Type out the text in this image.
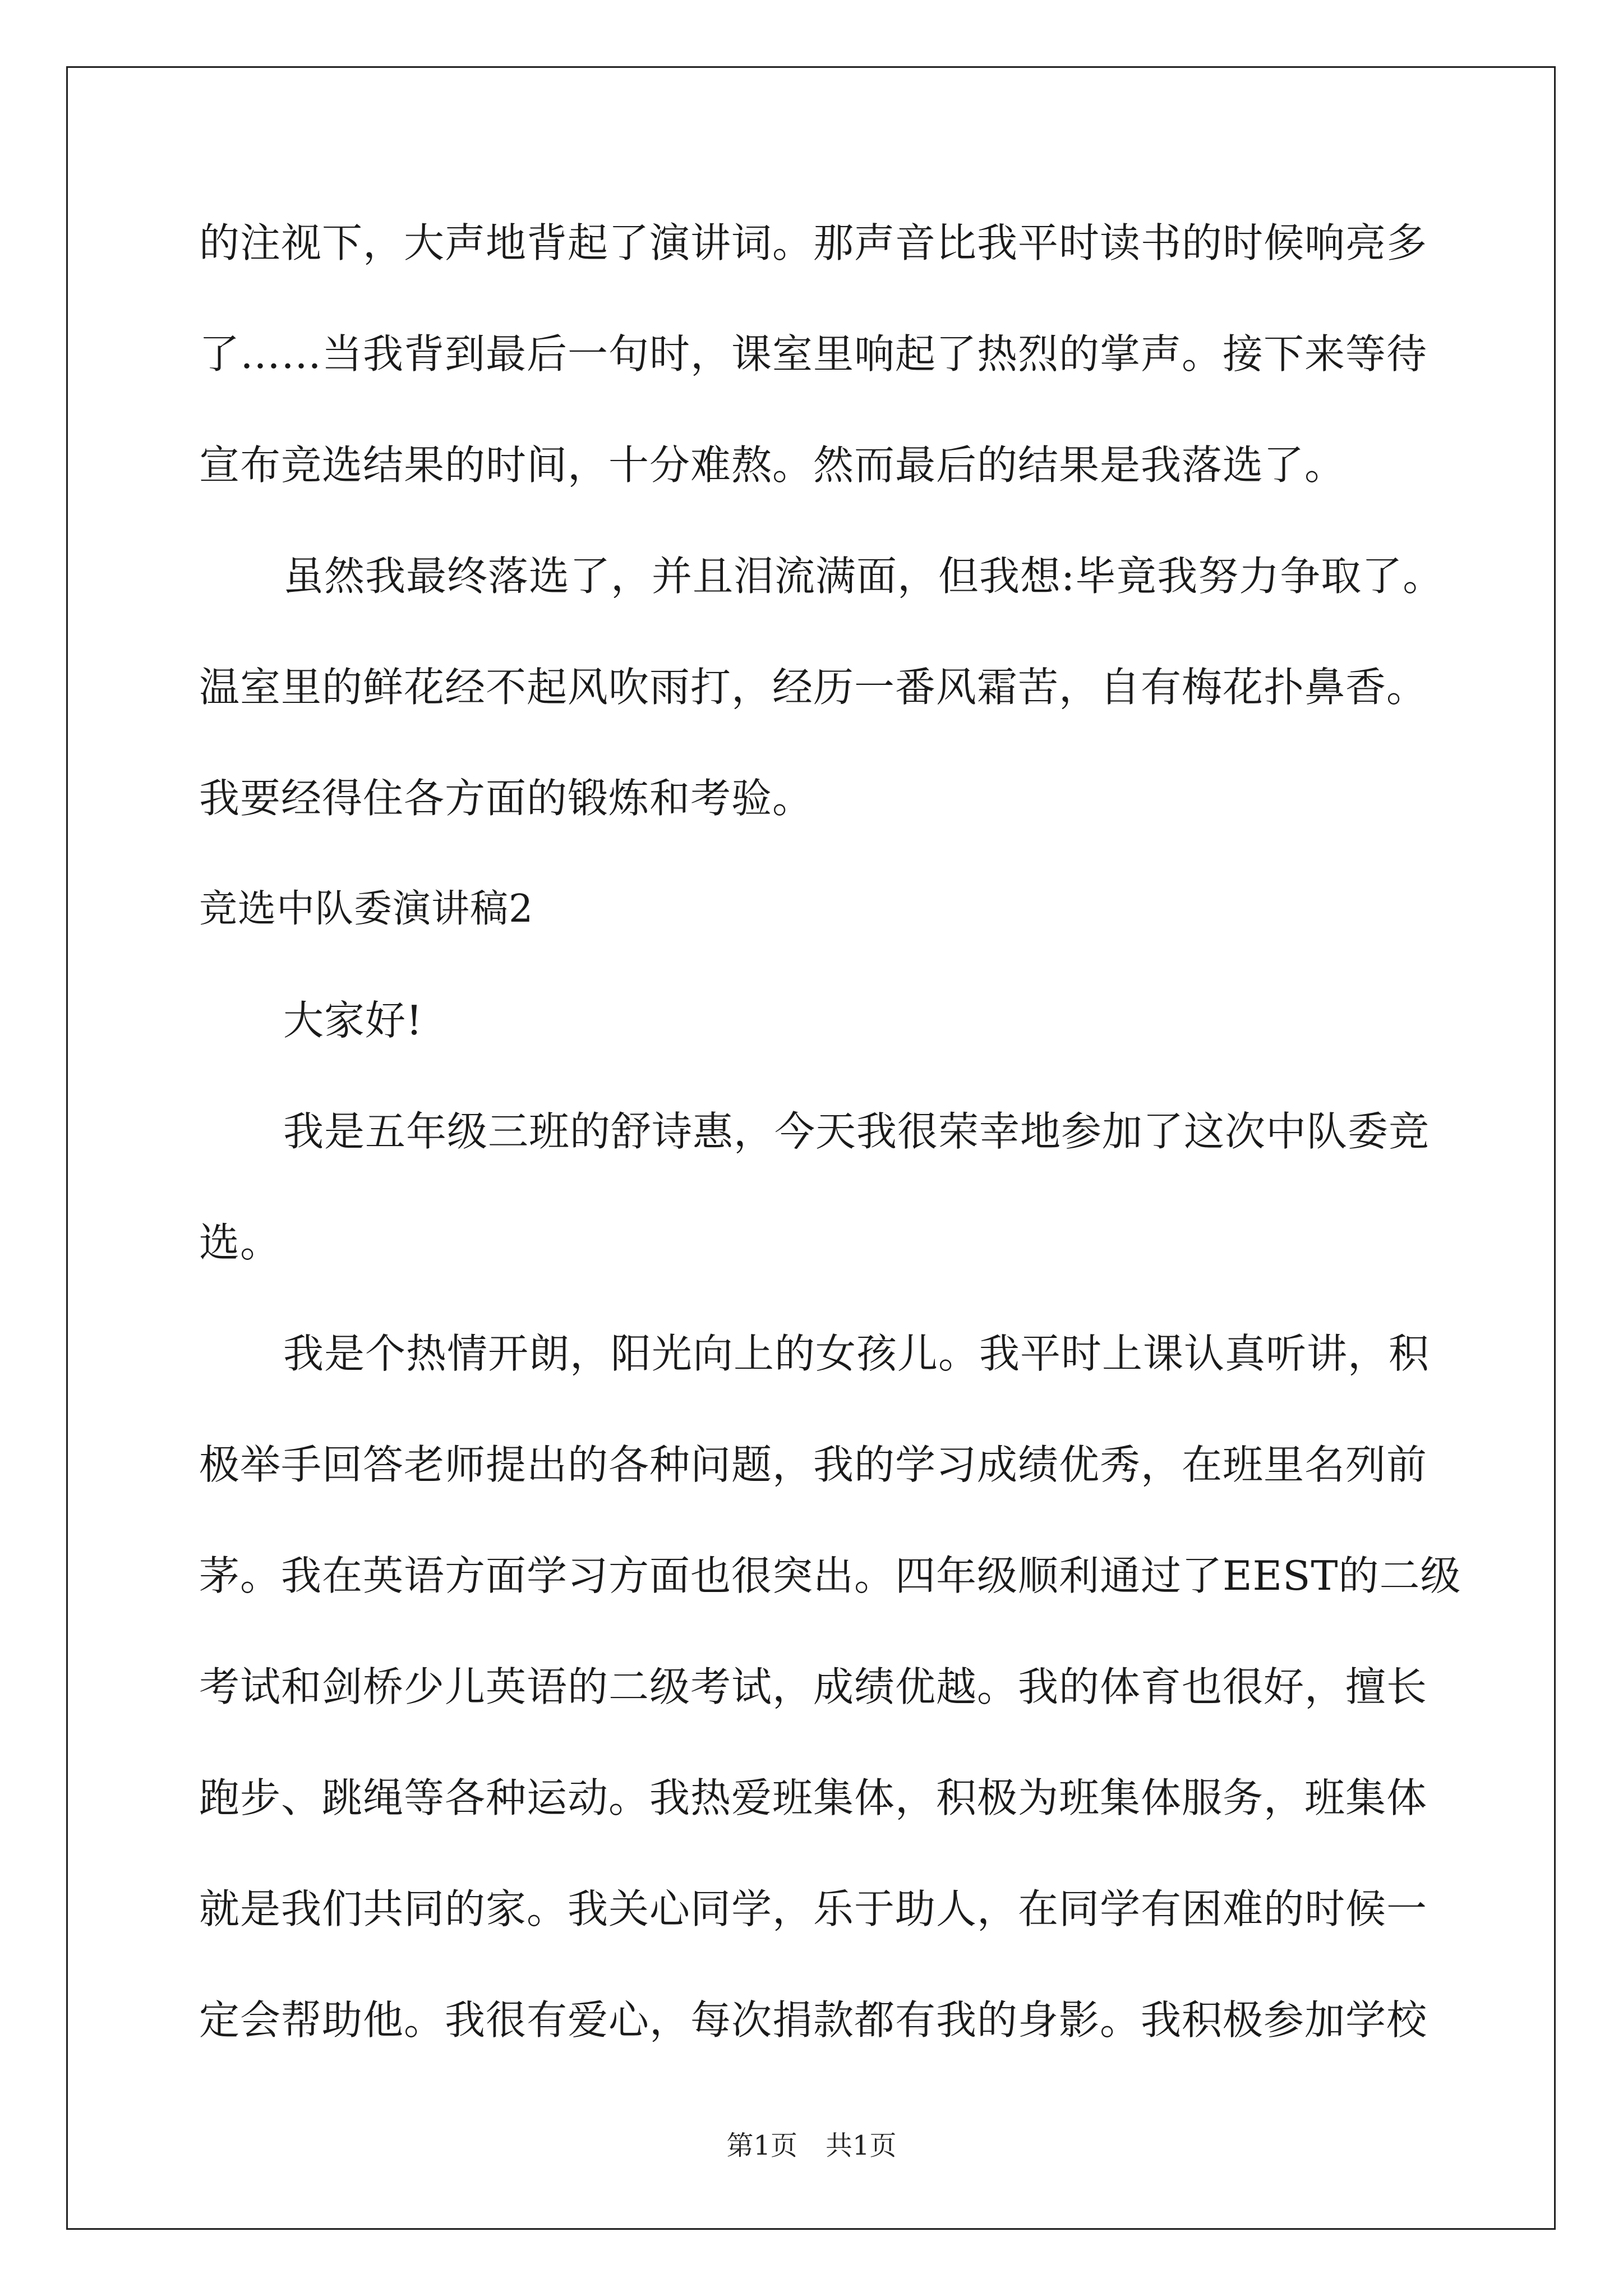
的注视下，大声地背起了演讲词。那声音比我平时读书的时候响亮多
了……当我背到最后一句时，课室里响起了热烈的掌声。接下来等待
宣布竞选结果的时间，十分难熬。然而最后的结果是我落选了。
虽然我最终落选了，并且泪流满面，但我想:毕竟我努力争取了。
温室里的鲜花经不起风吹雨打，经历一番风霜苦，自有梅花扑鼻香。
我要经得住各方面的锻炼和考验。
竞选中队委演讲稿2
大家好!
我是五年级三班的舒诗惠，今天我很荣幸地参加了这次中队委竞
选。
我是个热情开朗，阳光向上的女孩儿。我平时上课认真听讲，积
极举手回答老师提出的各种问题，我的学习成绩优秀，在班里名列前
茅。我在英语方面学习方面也很突出。四年级顺利通过了EEST的二级
考试和剑桥少儿英语的二级考试，成绩优越。我的体育也很好，擅长
跑步、跳绳等各种运动。我热爱班集体，积极为班集体服务，班集体
就是我们共同的家。我关心同学，乐于助人，在同学有困难的时候一
定会帮助他。我很有爱心，每次捐款都有我的身影。我积极参加学校
第1页 共1页
